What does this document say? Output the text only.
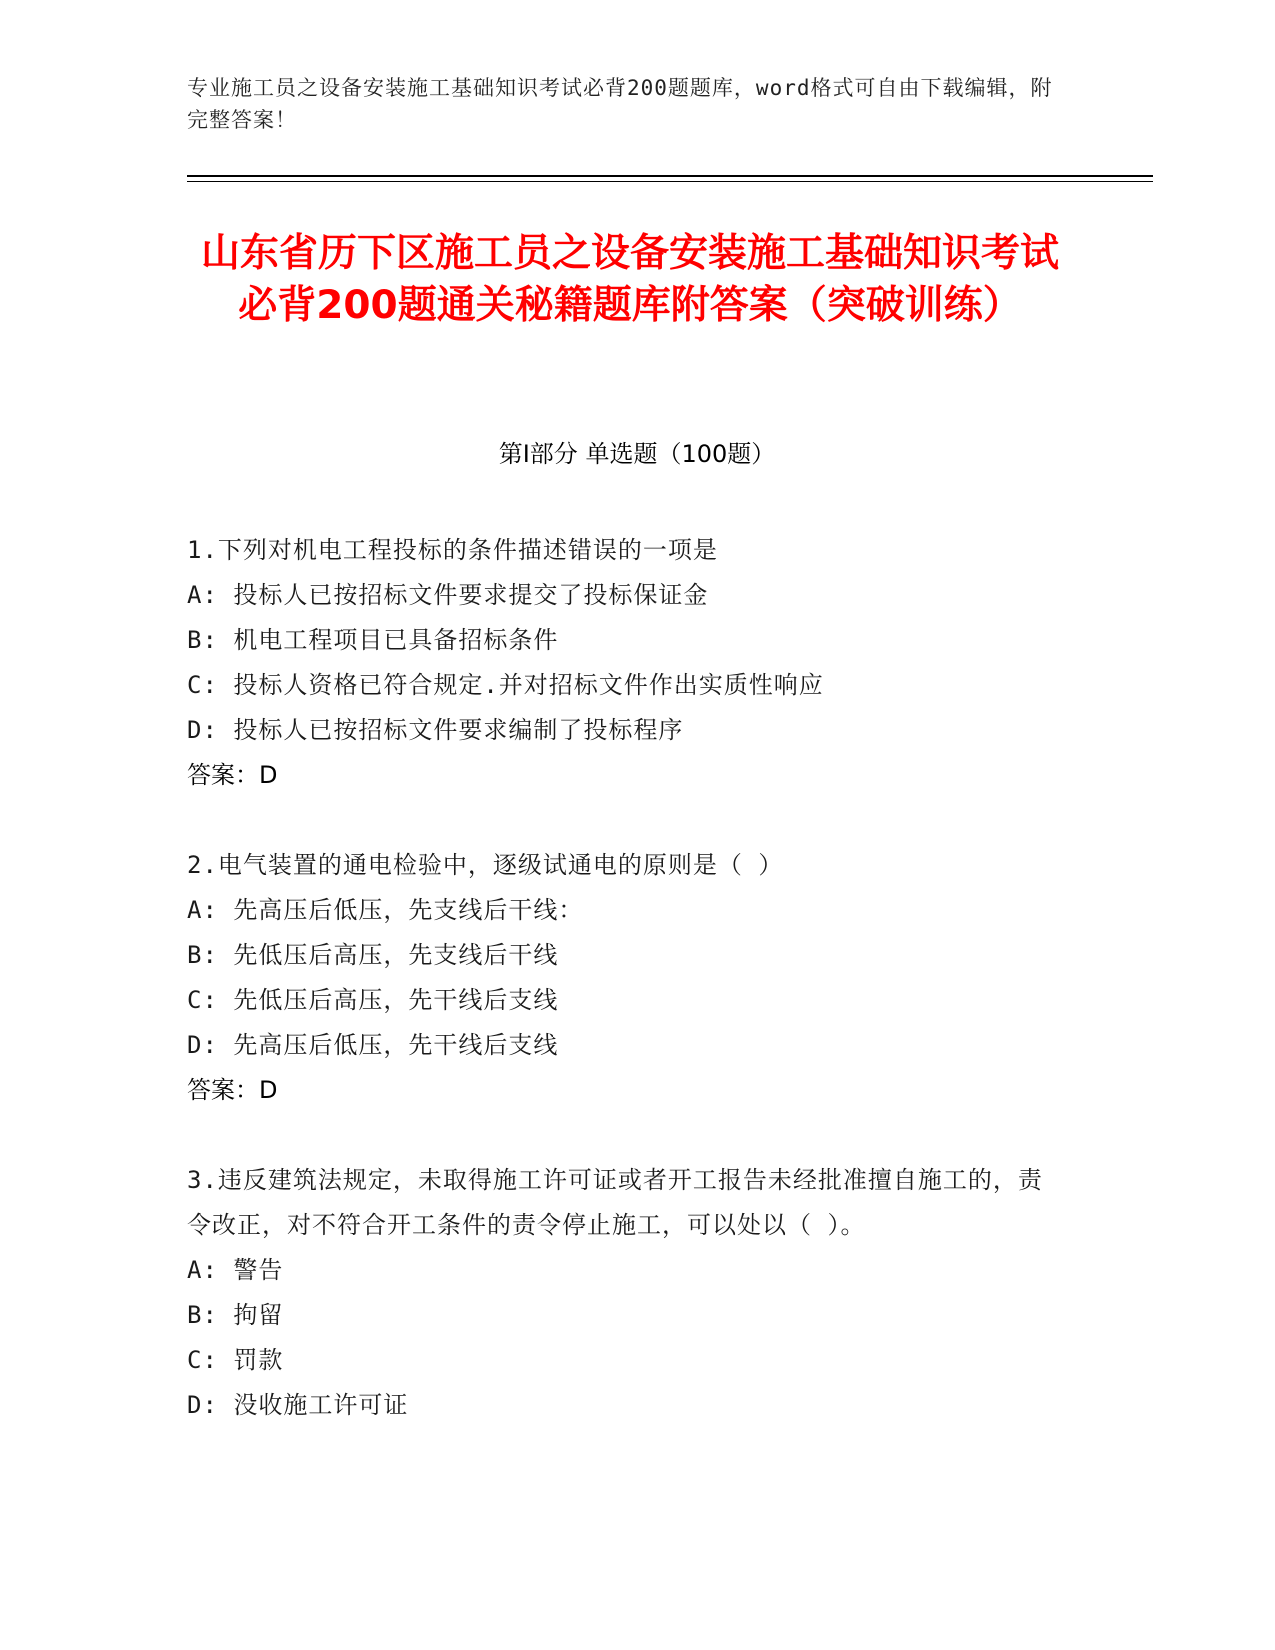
专业施工员之设备安装施工基础知识考试必背200题题库，word格式可自由下载编辑，附完整答案！
山东省历下区施工员之设备安装施工基础知识考试必背200题通关秘籍题库附答案（突破训练）
第I部分 单选题（100题）

1.下列对机电工程投标的条件描述错误的一项是

A: 投标人已按招标文件要求提交了投标保证金

B: 机电工程项目已具备招标条件

C: 投标人资格已符合规定.并对招标文件作出实质性响应

D: 投标人已按招标文件要求编制了投标程序

答案：D

2.电气装置的通电检验中，逐级试通电的原则是（ ）

A: 先高压后低压，先支线后干线：

B: 先低压后高压，先支线后干线

C: 先低压后高压，先干线后支线

D: 先高压后低压，先干线后支线

答案：D

3.违反建筑法规定，未取得施工许可证或者开工报告未经批准擅自施工的，责令改正，对不符合开工条件的责令停止施工，可以处以（ ）。

A: 警告

B: 拘留

C: 罚款

D: 没收施工许可证
